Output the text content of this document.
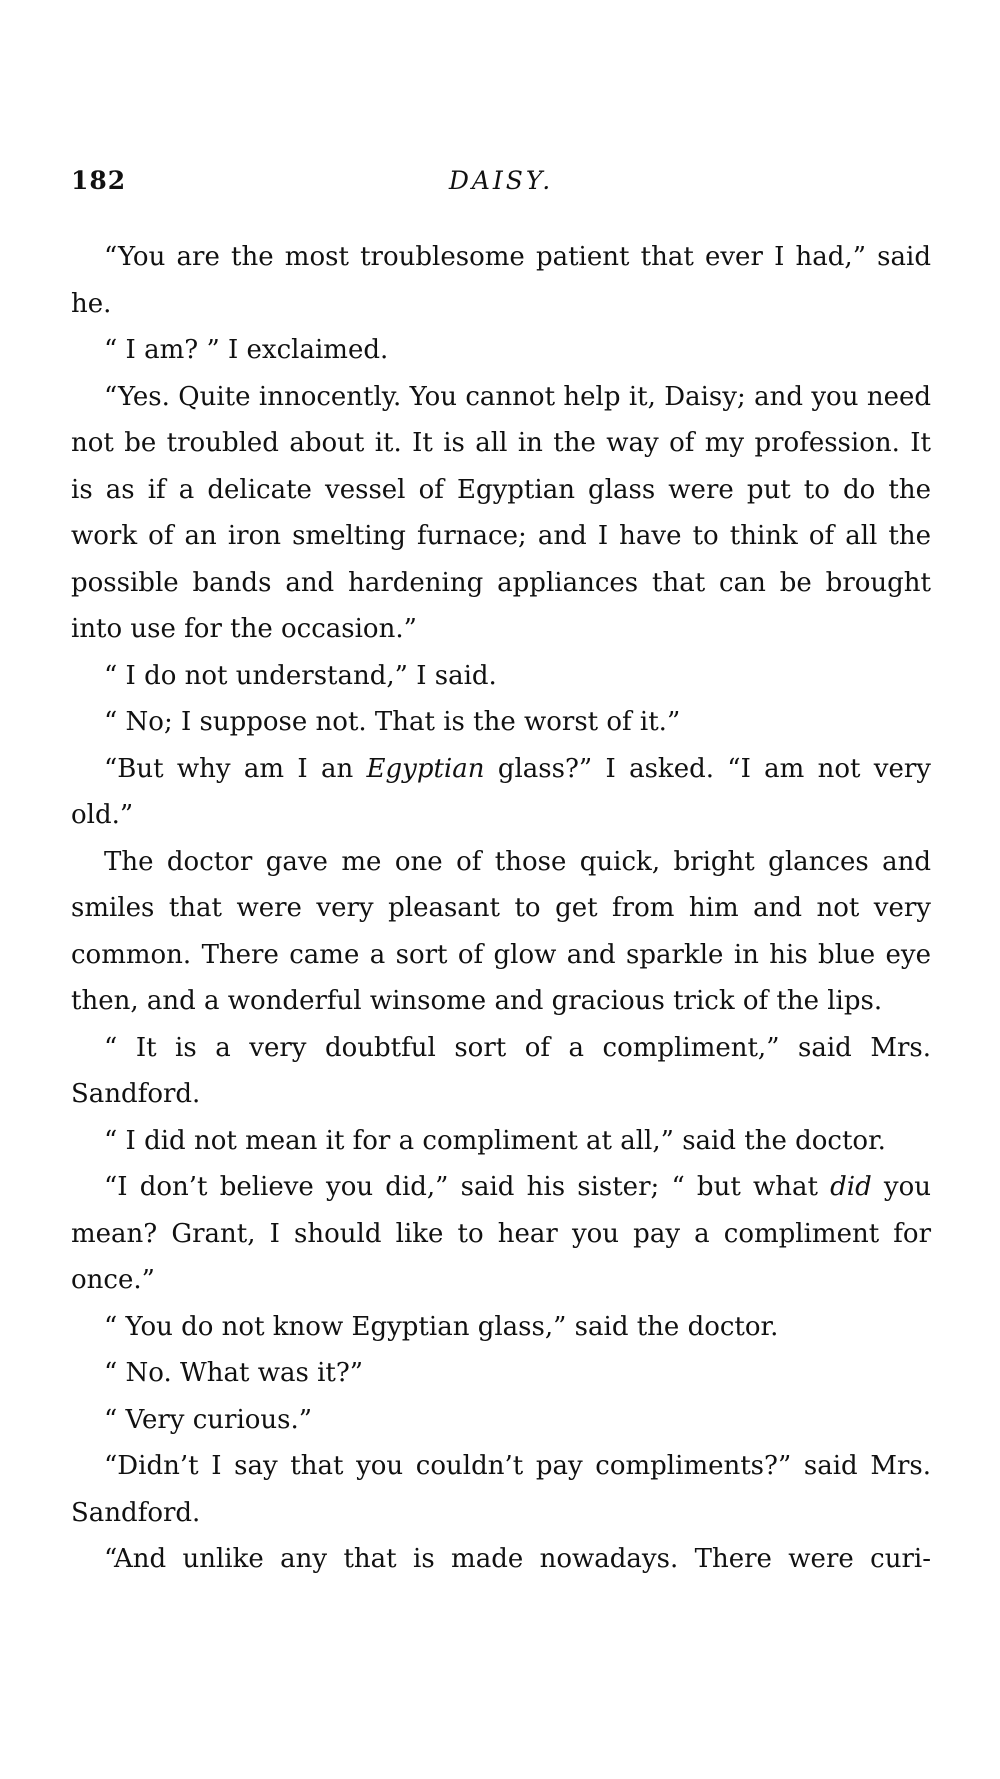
182	DAISY.

“You are the most troublesome patient that ever I had,” said he.

“ I am? ” I exclaimed.

“Yes. Quite innocently. You cannot help it, Daisy; and you need not be troubled about it. It is all in the way of my profession. It is as if a delicate vessel of Egyptian glass were put to do the work of an iron smelting furnace; and I have to think of all the possible bands and hardening appliances that can be brought into use for the occasion.”

“ I do not understand,” I said.

“ No; I suppose not. That is the worst of it.”

“But why am I an Egyptian glass?” I asked. “I am not very old.”

The doctor gave me one of those quick, bright glances and smiles that were very pleasant to get from him and not very common. There came a sort of glow and sparkle in his blue eye then, and a wonderful winsome and gracious trick of the lips.

“ It is a very doubtful sort of a compliment,” said Mrs. Sandford.

“ I did not mean it for a compliment at all,” said the doctor.

“I don’t believe you did,” said his sister; “ but what did you mean? Grant, I should like to hear you pay a compliment for once.”

“ You do not know Egyptian glass,” said the doctor.

“ No. What was it?”

“ Very curious.”

“Didn’t I say that you couldn’t pay compliments?” said Mrs. Sandford.

“And unlike any that is made nowadays. There were curi-
